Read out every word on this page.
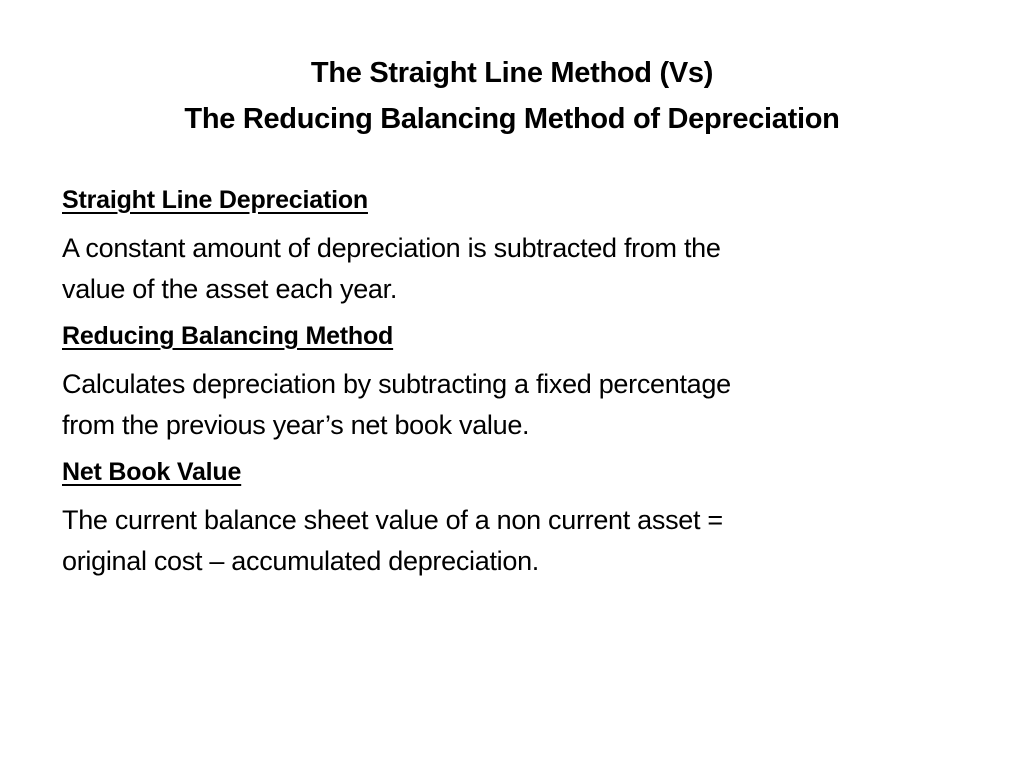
The Straight Line Method (Vs)
The Reducing Balancing Method of Depreciation
Straight Line Depreciation
A constant amount of depreciation is subtracted from the
value of the asset each year.
Reducing Balancing Method
Calculates depreciation by subtracting a fixed percentage
from the previous year’s net book value.
Net Book Value
The current balance sheet value of a non current asset =
original cost – accumulated depreciation.
